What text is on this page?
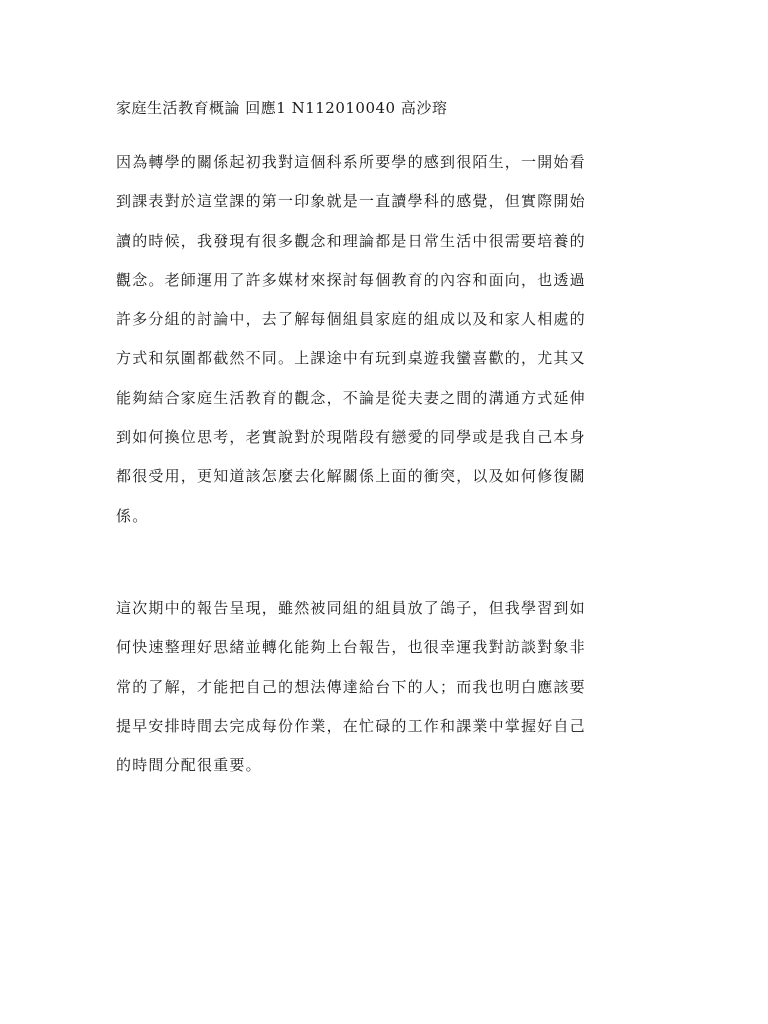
家庭生活教育概論 回應1 N112010040 高沙瑢
因為轉學的關係起初我對這個科系所要學的感到很陌生，一開始看
到課表對於這堂課的第一印象就是一直讀學科的感覺，但實際開始
讀的時候，我發現有很多觀念和理論都是日常生活中很需要培養的
觀念。老師運用了許多媒材來探討每個教育的內容和面向，也透過
許多分組的討論中，去了解每個組員家庭的組成以及和家人相處的
方式和氛圍都截然不同。上課途中有玩到桌遊我蠻喜歡的，尤其又
能夠結合家庭生活教育的觀念，不論是從夫妻之間的溝通方式延伸
到如何換位思考，老實說對於現階段有戀愛的同學或是我自己本身
都很受用，更知道該怎麼去化解關係上面的衝突，以及如何修復關
係。
這次期中的報告呈現，雖然被同組的組員放了鴿子，但我學習到如
何快速整理好思緒並轉化能夠上台報告，也很幸運我對訪談對象非
常的了解，才能把自己的想法傳達給台下的人；而我也明白應該要
提早安排時間去完成每份作業，在忙碌的工作和課業中掌握好自己
的時間分配很重要。
